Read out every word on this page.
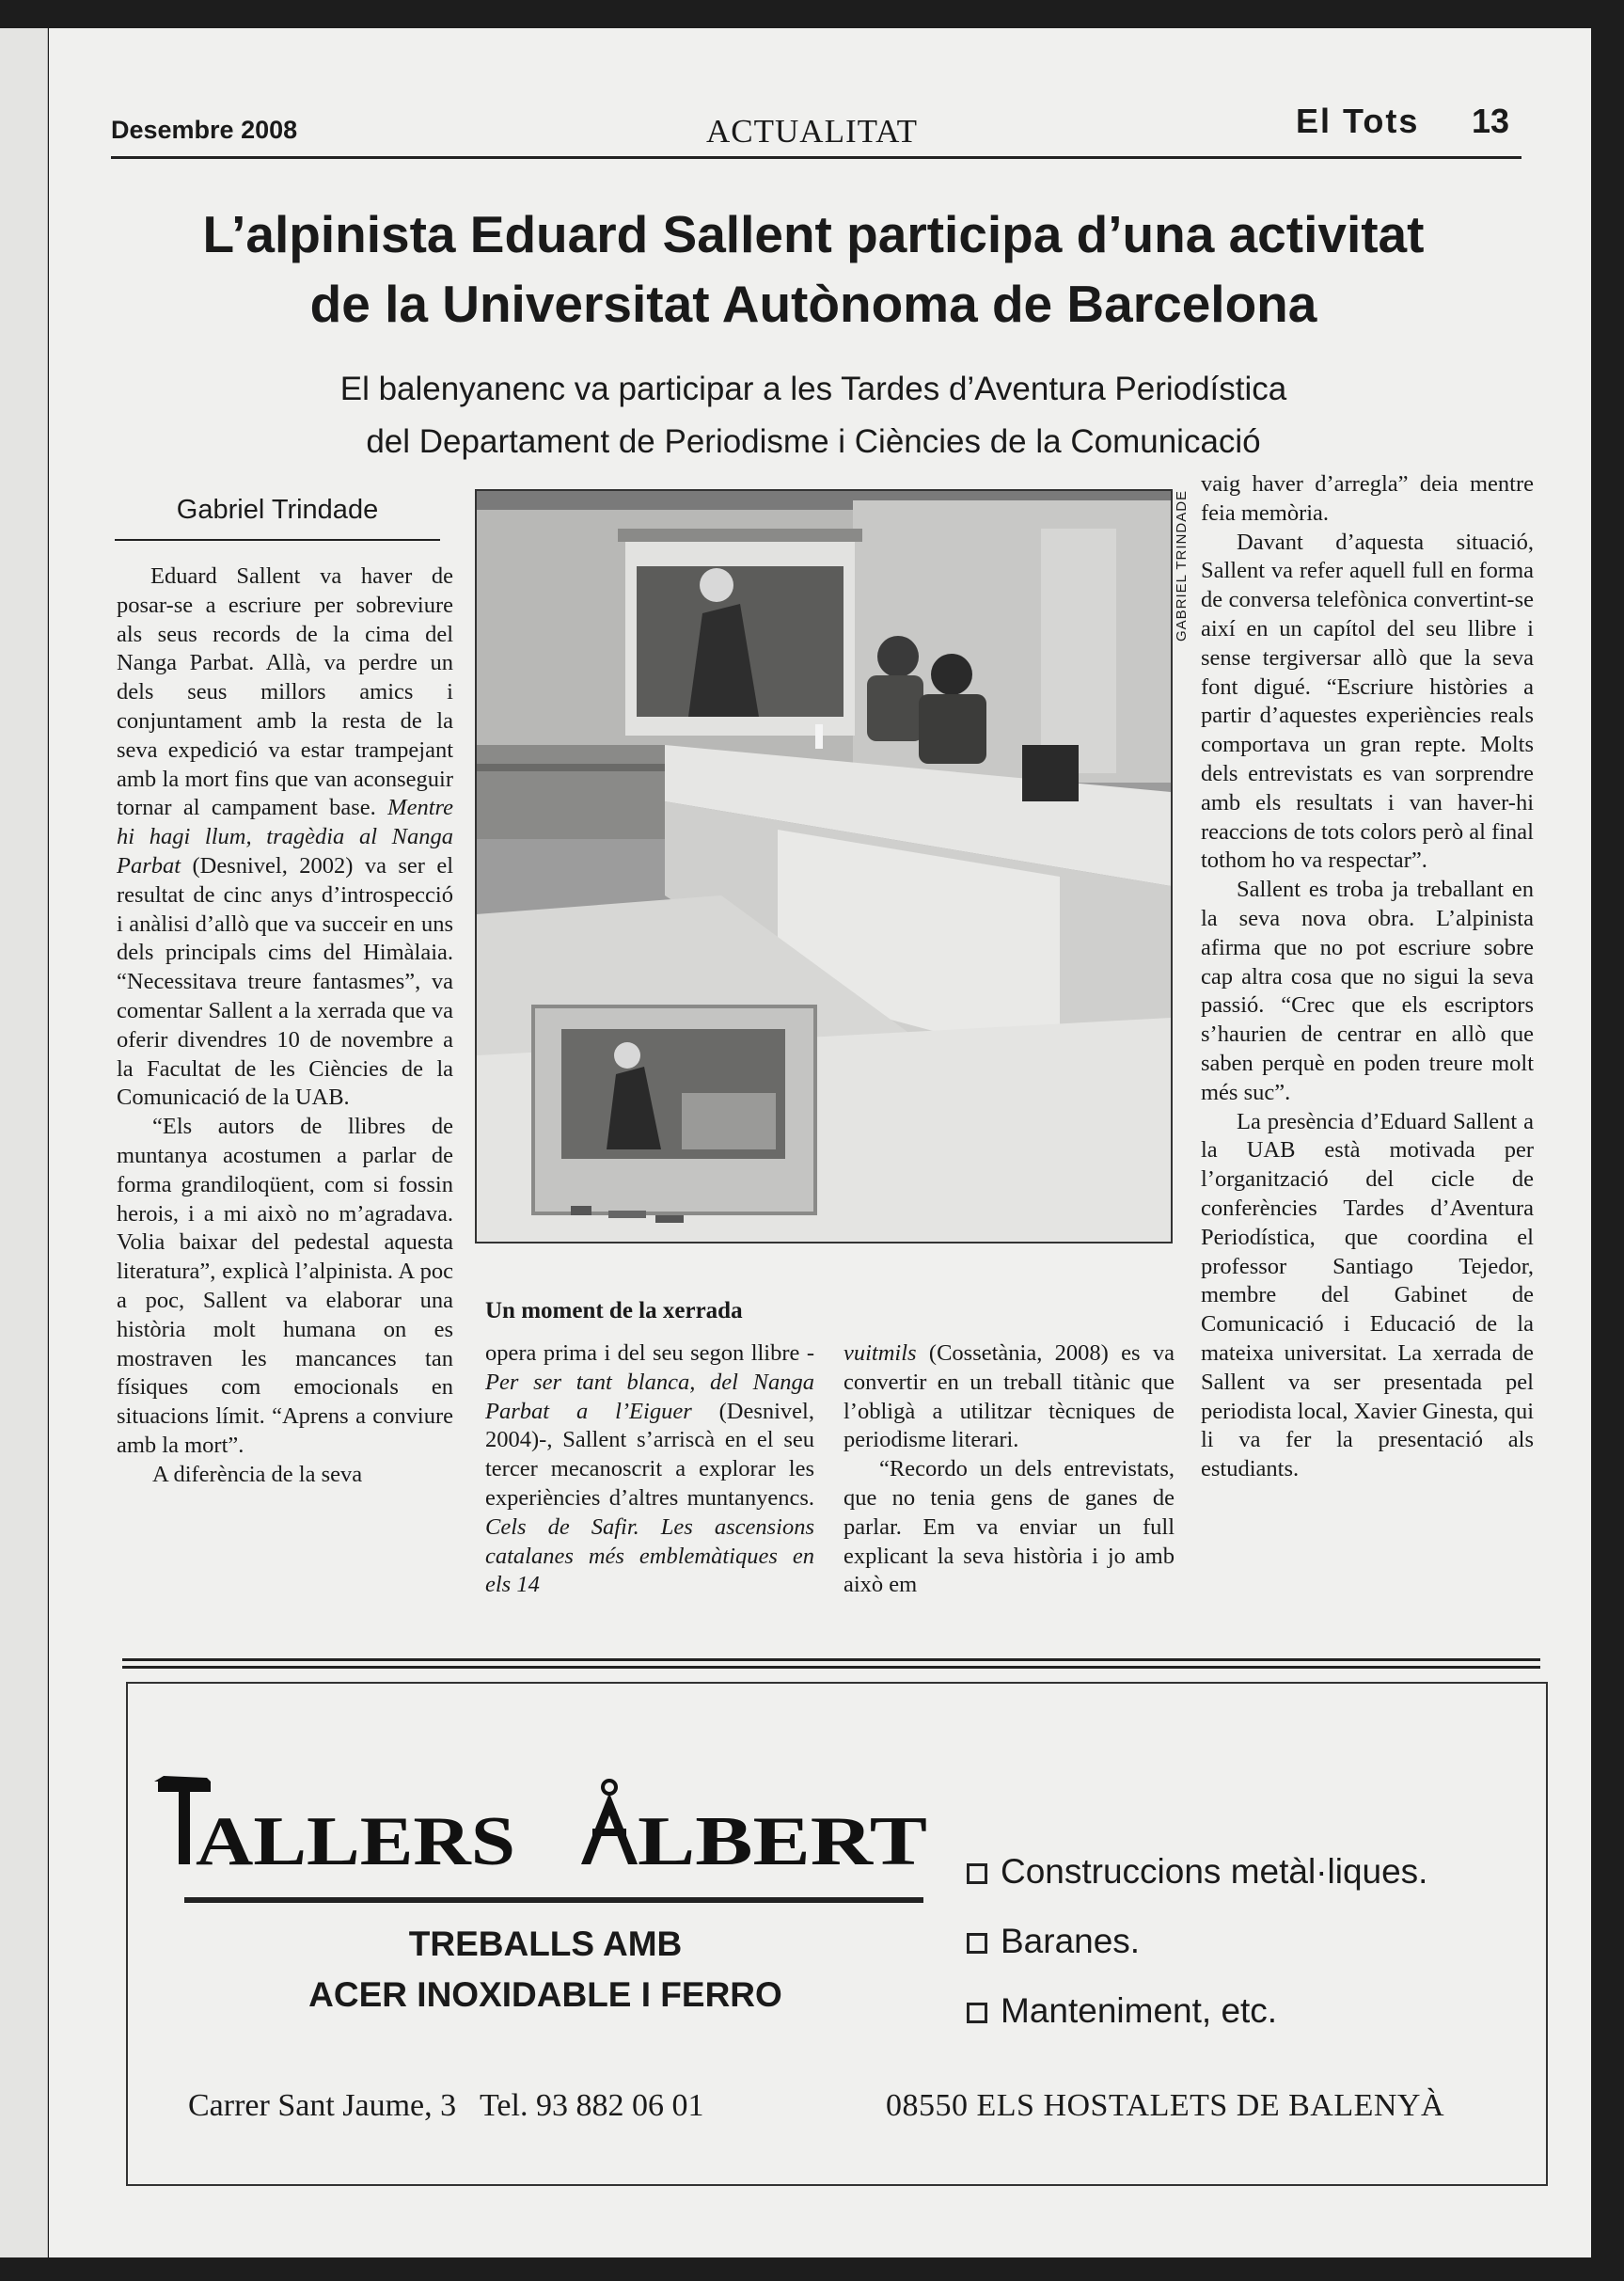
Desembre 2008	ACTUALITAT	El Tots 13
L’alpinista Eduard Sallent participa d’una activitat
de la Universitat Autònoma de Barcelona
El balenyanenc va participar a les Tardes d’Aventura Periodística
del Departament de Periodisme i Ciències de la Comunicació
Gabriel Trindade

Eduard Sallent va haver de posar-se a escriure per sobreviure als seus records de la cima del Nanga Parbat. Allà, va perdre un dels seus millors amics i conjuntament amb la resta de la seva expedició va estar trampejant amb la mort fins que van aconseguir tornar al campament base. Mentre hi hagi llum, tragèdia al Nanga Parbat (Desnivel, 2002) va ser el resultat de cinc anys d’introspecció i anàlisi d’allò que va succeir en uns dels principals cims del Himàlaia. “Necessitava treure fantasmes”, va comentar Sallent a la xerrada que va oferir divendres 10 de novembre a la Facultat de les Ciències de la Comunicació de la UAB.

“Els autors de llibres de muntanya acostumen a parlar de forma grandiloqüent, com si fossin herois, i a mi això no m’agradava. Volia baixar del pedestal aquesta literatura”, explicà l’alpinista. A poc a poc, Sallent va elaborar una història molt humana on es mostraven les mancances tan físiques com emocionals en situacions límit. “Aprens a conviure amb la mort”.

A diferència de la seva

GABRIEL TRINDADE
Un moment de la xerrada

opera prima i del seu segon llibre -Per ser tant blanca, del Nanga Parbat a l’Eiguer (Desnivel, 2004)-, Sallent s’arriscà en el seu tercer mecanoscrit a explorar les experiències d’altres muntanyencs. Cels de Safir. Les ascensions catalanes més emblemàtiques en els 14

vuitmils (Cossetània, 2008) es va convertir en un treball titànic que l’obligà a utilitzar tècniques de periodisme literari.

“Recordo un dels entrevistats, que no tenia gens de ganes de parlar. Em va enviar un full explicant la seva història i jo amb això em

vaig haver d’arregla” deia mentre feia memòria.

Davant d’aquesta situació, Sallent va refer aquell full en forma de conversa telefònica convertint-se així en un capítol del seu llibre i sense tergiversar allò que la seva font digué. “Escriure històries a partir d’aquestes experiències reals comportava un gran repte. Molts dels entrevistats es van sorprendre amb els resultats i van haver-hi reaccions de tots colors però al final tothom ho va respectar”.

Sallent es troba ja treballant en la seva nova obra. L’alpinista afirma que no pot escriure sobre cap altra cosa que no sigui la seva passió. “Crec que els escriptors s’haurien de centrar en allò que saben perquè en poden treure molt més suc”.

La presència d’Eduard Sallent a la UAB està motivada per l’organització del cicle de conferències Tardes d’Aventura Periodística, que coordina el professor Santiago Tejedor, membre del Gabinet de Comunicació i Educació de la mateixa universitat. La xerrada de Sallent va ser presentada pel periodista local, Xavier Ginesta, qui li va fer la presentació als estudiants.

ALLERS LBERT
TREBALLS AMB
ACER INOXIDABLE I FERRO
Construccions metàl·liques.
Baranes.
Manteniment, etc.
Carrer Sant Jaume, 3   Tel. 93 882 06 01	08550 ELS HOSTALETS DE BALENYÀ
